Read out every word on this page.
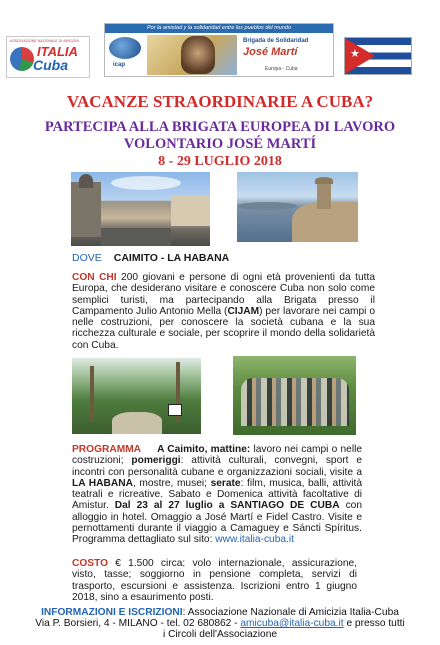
ASSOCIAZIONE NAZIONALE DI AMICIZIA
ITALIA
Cuba
Por la amistad y la solidaridad entre los pueblos del mundo
icap
Brigada de Solidaridad
José Martí
Europa - Cuba
★
VACANZE STRAORDINARIE A CUBA?
PARTECIPA ALLA BRIGATA EUROPEA DI LAVORO
VOLONTARIO JOSÉ MARTÍ
8 - 29 LUGLIO 2018
DOVE CAIMITO - LA HABANA
CON CHI 200 giovani e persone di ogni età provenienti da tutta Europa, che desiderano visitare e conoscere Cuba non solo come semplici turisti, ma partecipando alla Brigata presso il Campamento Julio Antonio Mella (CIJAM) per lavorare nei campi o nelle costruzioni, per conoscere la società cubana e la sua ricchezza culturale e sociale, per scoprire il mondo della solidarietà con Cuba.
PROGRAMMA A Caimito, mattine: lavoro nei campi o nelle costruzioni; pomeriggi: attività culturali, convegni, sport e incontri con personalità cubane e organizzazioni sociali, visite a LA HABANA, mostre, musei; serate: film, musica, balli, attività teatrali e ricreative. Sabato e Domenica attività facoltative di Amistur. Dal 23 al 27 luglio a SANTIAGO DE CUBA con alloggio in hotel. Omaggio a José Martí e Fidel Castro. Visite e pernottamenti durante il viaggio a Camaguey e Sáncti Spíritus. Programma dettagliato sul sito: www.italia-cuba.it
COSTO € 1.500 circa: volo internazionale, assicurazione, visto, tasse; soggiorno in pensione completa, servizi di trasporto, escursioni e assistenza. Iscrizioni entro 1 giugno 2018, sino a esaurimento posti.
INFORMAZIONI E ISCRIZIONI: Associazione Nazionale di Amicizia Italia-Cuba
Via P. Borsieri, 4 - MILANO - tel. 02 680862 - amicuba@italia-cuba.it e presso tutti
i Circoli dell'Associazione
